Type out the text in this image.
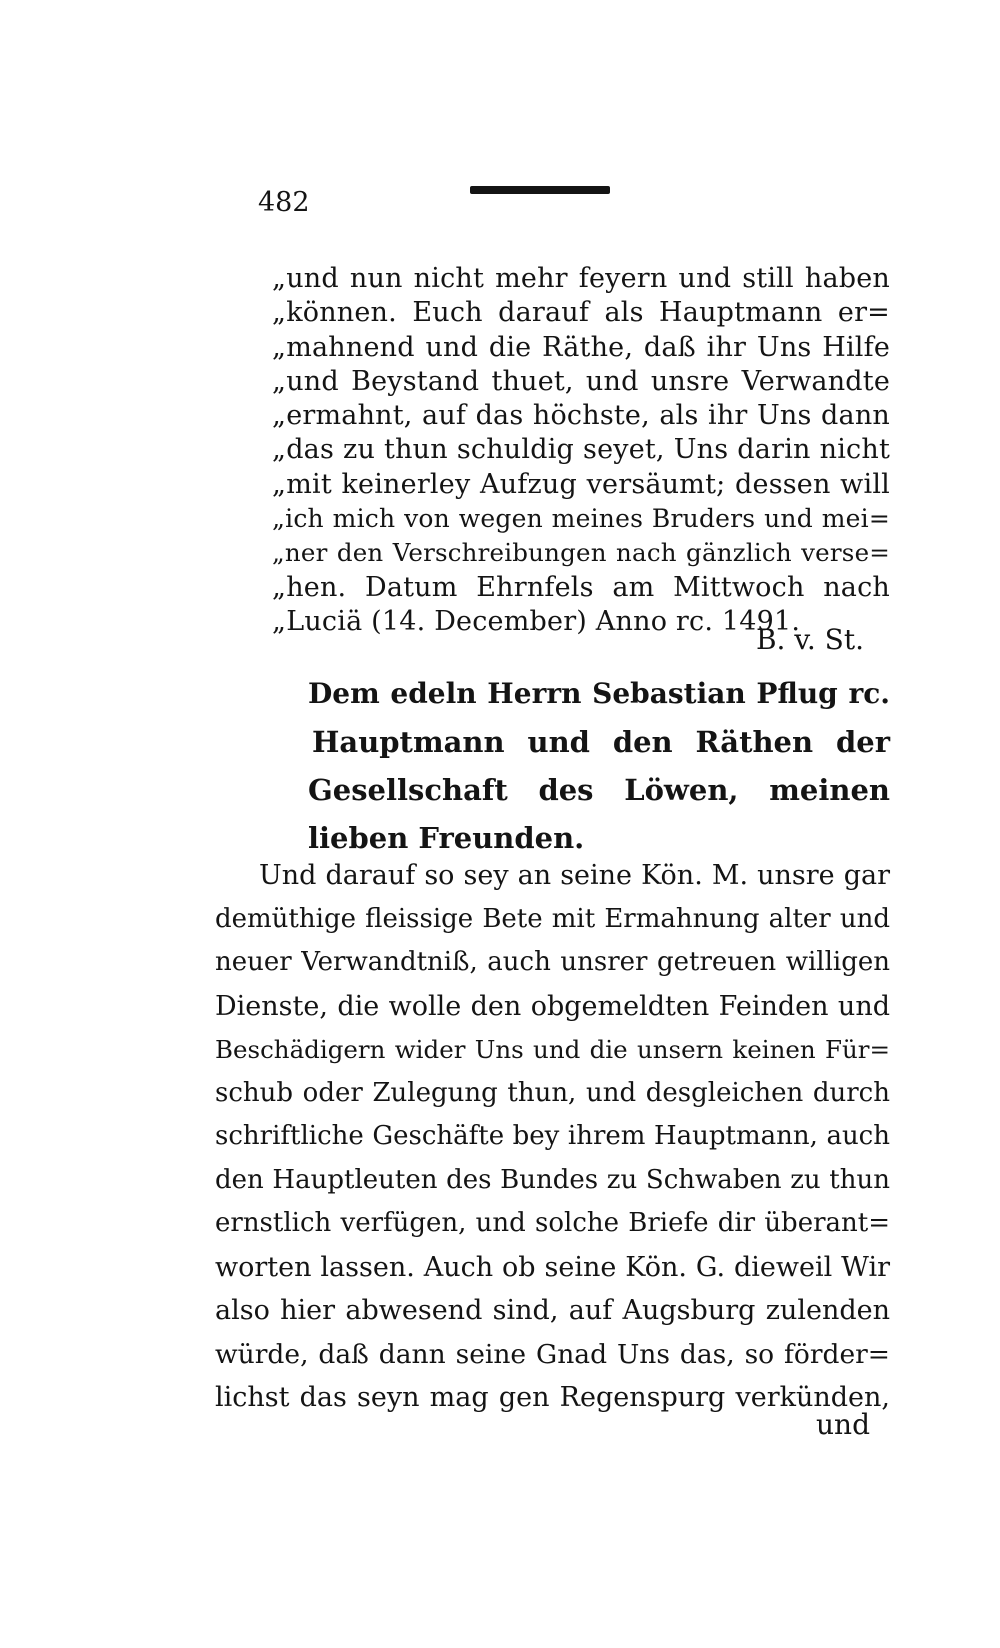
482
„und nun nicht mehr feyern und still haben
„können. Euch darauf als Hauptmann er=
„mahnend und die Räthe, daß ihr Uns Hilfe
„und Beystand thuet, und unsre Verwandte
„ermahnt, auf das höchste, als ihr Uns dann
„das zu thun schuldig seyet, Uns darin nicht
„mit keinerley Aufzug versäumt; dessen will
„ich mich von wegen meines Bruders und mei=
„ner den Verschreibungen nach gänzlich verse=
„hen. Datum Ehrnfels am Mittwoch nach
„Luciä (14. December) Anno rc. 1491.
B. v. St.
Dem edeln Herrn Sebastian Pflug rc.
Hauptmann und den Räthen der
Gesellschaft des Löwen, meinen
lieben Freunden.
Und darauf so sey an seine Kön. M. unsre gar
demüthige fleissige Bete mit Ermahnung alter und
neuer Verwandtniß, auch unsrer getreuen willigen
Dienste, die wolle den obgemeldten Feinden und
Beschädigern wider Uns und die unsern keinen Für=
schub oder Zulegung thun, und desgleichen durch
schriftliche Geschäfte bey ihrem Hauptmann, auch
den Hauptleuten des Bundes zu Schwaben zu thun
ernstlich verfügen, und solche Briefe dir überant=
worten lassen. Auch ob seine Kön. G. dieweil Wir
also hier abwesend sind, auf Augsburg zulenden
würde, daß dann seine Gnad Uns das, so förder=
lichst das seyn mag gen Regenspurg verkünden,
und
